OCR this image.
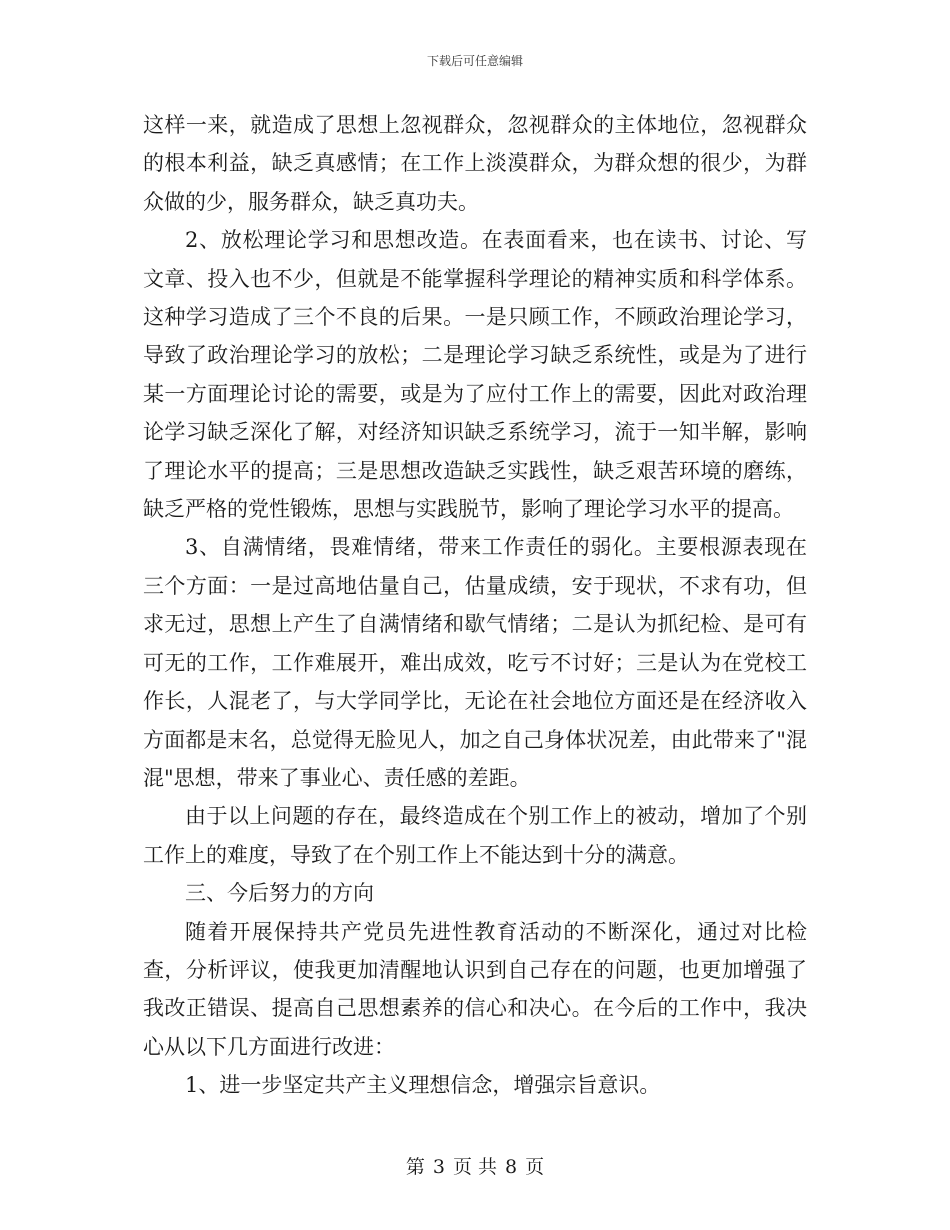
下载后可任意编辑

这样一来，就造成了思想上忽视群众，忽视群众的主体地位，忽视群众的根本利益，缺乏真感情；在工作上淡漠群众，为群众想的很少，为群众做的少，服务群众，缺乏真功夫。

2、放松理论学习和思想改造。在表面看来，也在读书、讨论、写文章、投入也不少，但就是不能掌握科学理论的精神实质和科学体系。这种学习造成了三个不良的后果。一是只顾工作，不顾政治理论学习，导致了政治理论学习的放松；二是理论学习缺乏系统性，或是为了进行某一方面理论讨论的需要，或是为了应付工作上的需要，因此对政治理论学习缺乏深化了解，对经济知识缺乏系统学习，流于一知半解，影响了理论水平的提高；三是思想改造缺乏实践性，缺乏艰苦环境的磨练，缺乏严格的党性锻炼，思想与实践脱节，影响了理论学习水平的提高。

3、自满情绪，畏难情绪，带来工作责任的弱化。主要根源表现在三个方面：一是过高地估量自己，估量成绩，安于现状，不求有功，但求无过，思想上产生了自满情绪和歇气情绪；二是认为抓纪检、是可有可无的工作，工作难展开，难出成效，吃亏不讨好；三是认为在党校工作长，人混老了，与大学同学比，无论在社会地位方面还是在经济收入方面都是末名，总觉得无脸见人，加之自己身体状况差，由此带来了"混混"思想，带来了事业心、责任感的差距。

由于以上问题的存在，最终造成在个别工作上的被动，增加了个别工作上的难度，导致了在个别工作上不能达到十分的满意。

三、今后努力的方向

随着开展保持共产党员先进性教育活动的不断深化，通过对比检查，分析评议，使我更加清醒地认识到自己存在的问题，也更加增强了我改正错误、提高自己思想素养的信心和决心。在今后的工作中，我决心从以下几方面进行改进：

1、进一步坚定共产主义理想信念，增强宗旨意识。

第 3 页 共 8 页
